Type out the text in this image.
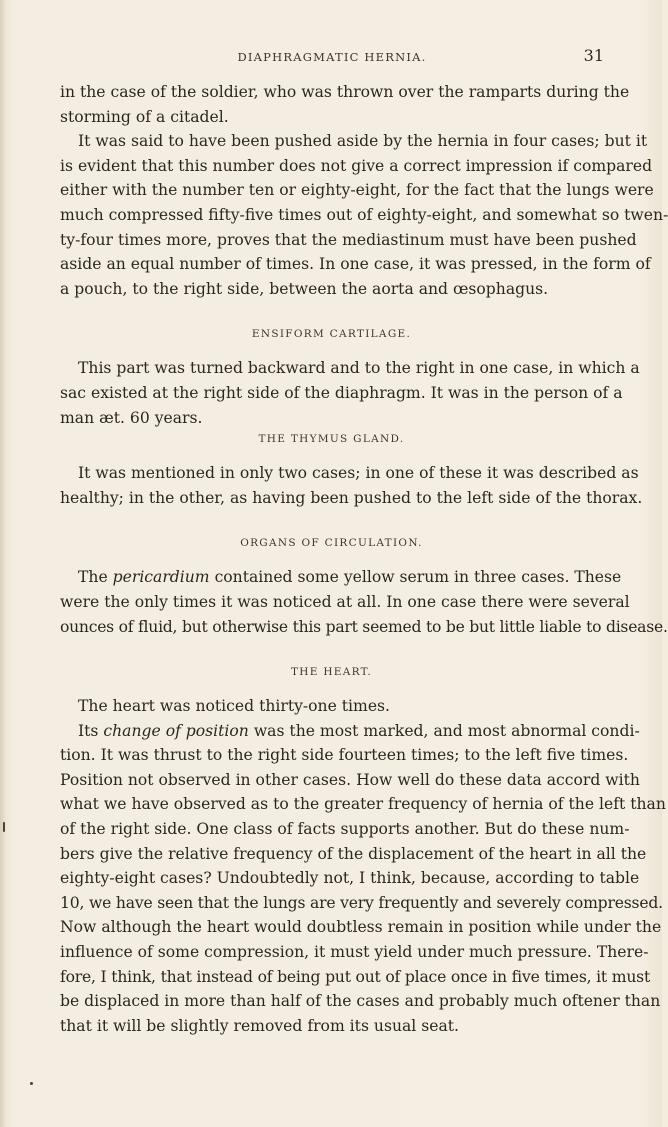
DIAPHRAGMATIC HERNIA.	31
in the case of the soldier, who was thrown over the ramparts during the
storming of a citadel.
It was said to have been pushed aside by the hernia in four cases; but it
is evident that this number does not give a correct impression if compared
either with the number ten or eighty-eight, for the fact that the lungs were
much compressed fifty-five times out of eighty-eight, and somewhat so twen-
ty-four times more, proves that the mediastinum must have been pushed
aside an equal number of times. In one case, it was pressed, in the form of
a pouch, to the right side, between the aorta and œsophagus.
ENSIFORM CARTILAGE.
This part was turned backward and to the right in one case, in which a
sac existed at the right side of the diaphragm. It was in the person of a
man æt. 60 years.
THE THYMUS GLAND.
It was mentioned in only two cases; in one of these it was described as
healthy; in the other, as having been pushed to the left side of the thorax.
ORGANS OF CIRCULATION.
The pericardium contained some yellow serum in three cases. These
were the only times it was noticed at all. In one case there were several
ounces of fluid, but otherwise this part seemed to be but little liable to disease.
THE HEART.
The heart was noticed thirty-one times.
Its change of position was the most marked, and most abnormal condi-
tion. It was thrust to the right side fourteen times; to the left five times.
Position not observed in other cases. How well do these data accord with
what we have observed as to the greater frequency of hernia of the left than
of the right side. One class of facts supports another. But do these num-
bers give the relative frequency of the displacement of the heart in all the
eighty-eight cases? Undoubtedly not, I think, because, according to table
10, we have seen that the lungs are very frequently and severely compressed.
Now although the heart would doubtless remain in position while under the
influence of some compression, it must yield under much pressure. There-
fore, I think, that instead of being put out of place once in five times, it must
be displaced in more than half of the cases and probably much oftener than
that it will be slightly removed from its usual seat.
